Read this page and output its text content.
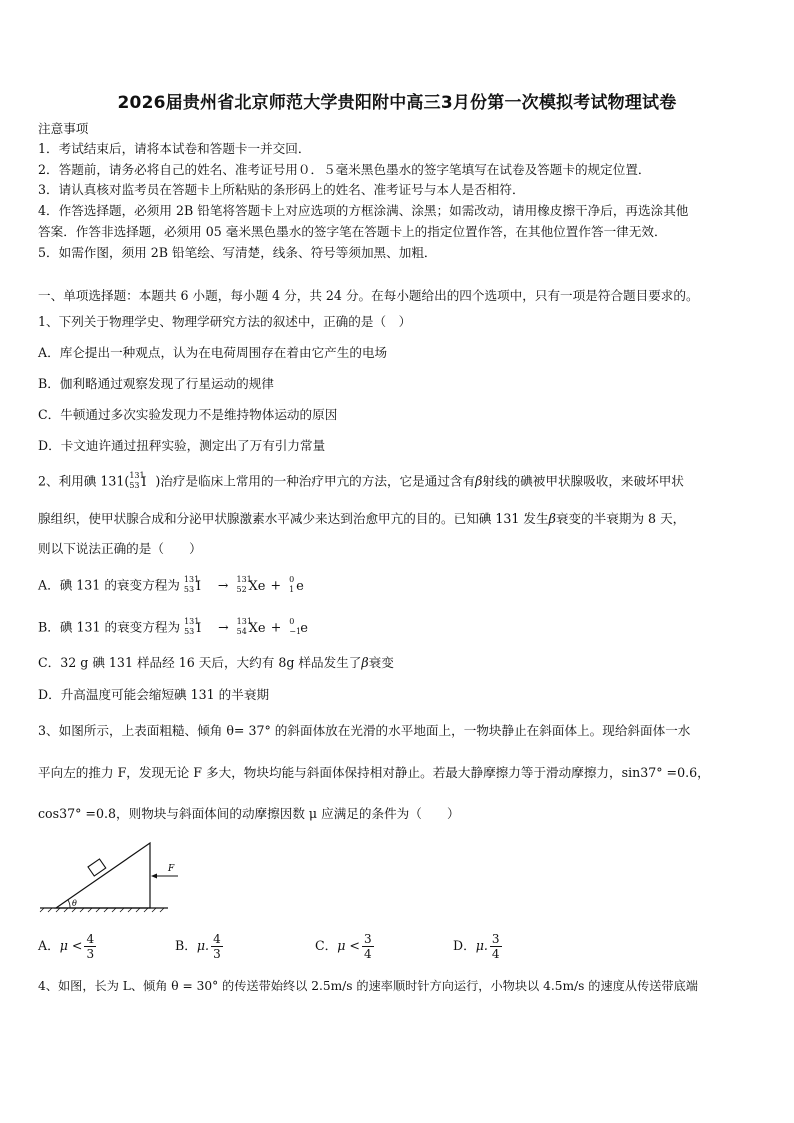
2026届贵州省北京师范大学贵阳附中高三3月份第一次模拟考试物理试卷
注意事项
1．考试结束后，请将本试卷和答题卡一并交回．
2．答题前，请务必将自己的姓名、准考证号用０．５毫米黑色墨水的签字笔填写在试卷及答题卡的规定位置．
3．请认真核对监考员在答题卡上所粘贴的条形码上的姓名、准考证号与本人是否相符．
4．作答选择题，必须用 2B 铅笔将答题卡上对应选项的方框涂满、涂黑；如需改动，请用橡皮擦干净后，再选涂其他
答案．作答非选择题，必须用 05 毫米黑色墨水的签字笔在答题卡上的指定位置作答，在其他位置作答一律无效．
5．如需作图，须用 2B 铅笔绘、写清楚，线条、符号等须加黑、加粗．
一、单项选择题：本题共 6 小题，每小题 4 分，共 24 分。在每小题给出的四个选项中，只有一项是符合题目要求的。
1、下列关于物理学史、物理学研究方法的叙述中，正确的是（　）
A．库仑提出一种观点，认为在电荷周围存在着由它产生的电场
B．伽利略通过观察发现了行星运动的规律
C．牛顿通过多次实验发现力不是维持物体运动的原因
D．卡文迪许通过扭秤实验，测定出了万有引力常量
2、利用碘 131( 131
53 I )治疗是临床上常用的一种治疗甲亢的方法，它是通过含有β射线的碘被甲状腺吸收，来破坏甲状
腺组织，使甲状腺合成和分泌甲状腺激素水平减少来达到治愈甲亢的目的。已知碘 131 发生β衰变的半衰期为 8 天，
则以下说法正确的是（　　）
A．碘 131 的衰变方程为 131
53 I → 131
52 Xe + 0
1 e
B．碘 131 的衰变方程为 131
53 I → 131
54 Xe + 0
−1 e
C．32 g 碘 131 样品经 16 天后，大约有 8g 样品发生了β衰变
D．升高温度可能会缩短碘 131 的半衰期
3、如图所示，上表面粗糙、倾角 θ= 37° 的斜面体放在光滑的水平地面上，一物块静止在斜面体上。现给斜面体一水
平向左的推力 F，发现无论 F 多大，物块均能与斜面体保持相对静止。若最大静摩擦力等于滑动摩擦力，sin37° =0.6，
cos37° =0.8，则物块与斜面体间的动摩擦因数 μ 应满足的条件为（　　）
F
θ
A．$\mu < \frac{4}{3}$	B．μ. $\frac{4}{3}$	C．$\mu < \frac{3}{4}$	D．μ. $\frac{3}{4}$
4、如图，长为 L、倾角 θ = 30° 的传送带始终以 2.5m/s 的速率顺时针方向运行，小物块以 4.5m/s 的速度从传送带底端
